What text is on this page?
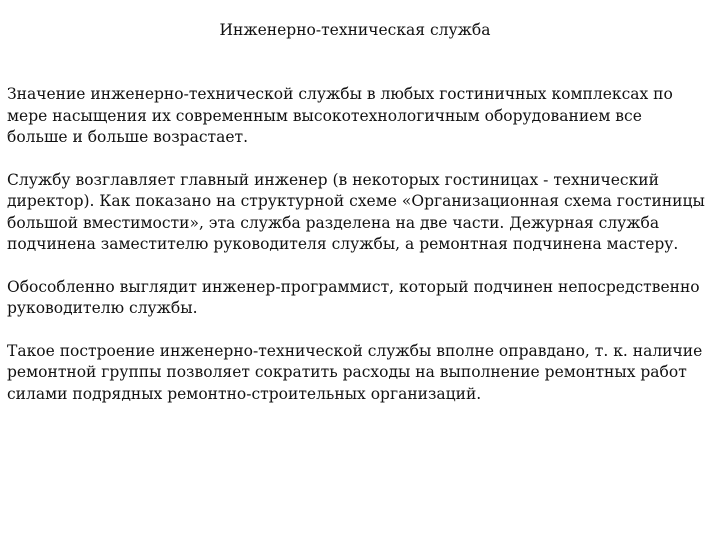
Инженерно-техническая служба

Значение инженерно-технической службы в любых гостиничных комплексах по мере насыщения их современным высокотехнологичным оборудованием все больше и больше возрастает.

Службу возглавляет главный инженер (в некоторых гостиницах - технический директор). Как показано на структурной схеме «Организационная схема гостиницы большой вместимости», эта служба разделена на две части. Дежурная служба подчинена заместителю руководителя службы, а ремонтная подчинена мастеру.

Обособленно выглядит инженер-программист, который подчинен непосредственно руководителю службы.

Такое построение инженерно-технической службы вполне оправдано, т. к. наличие ремонтной группы позволяет сократить расходы на выполнение ремонтных работ силами подрядных ремонтно-строительных организаций.
